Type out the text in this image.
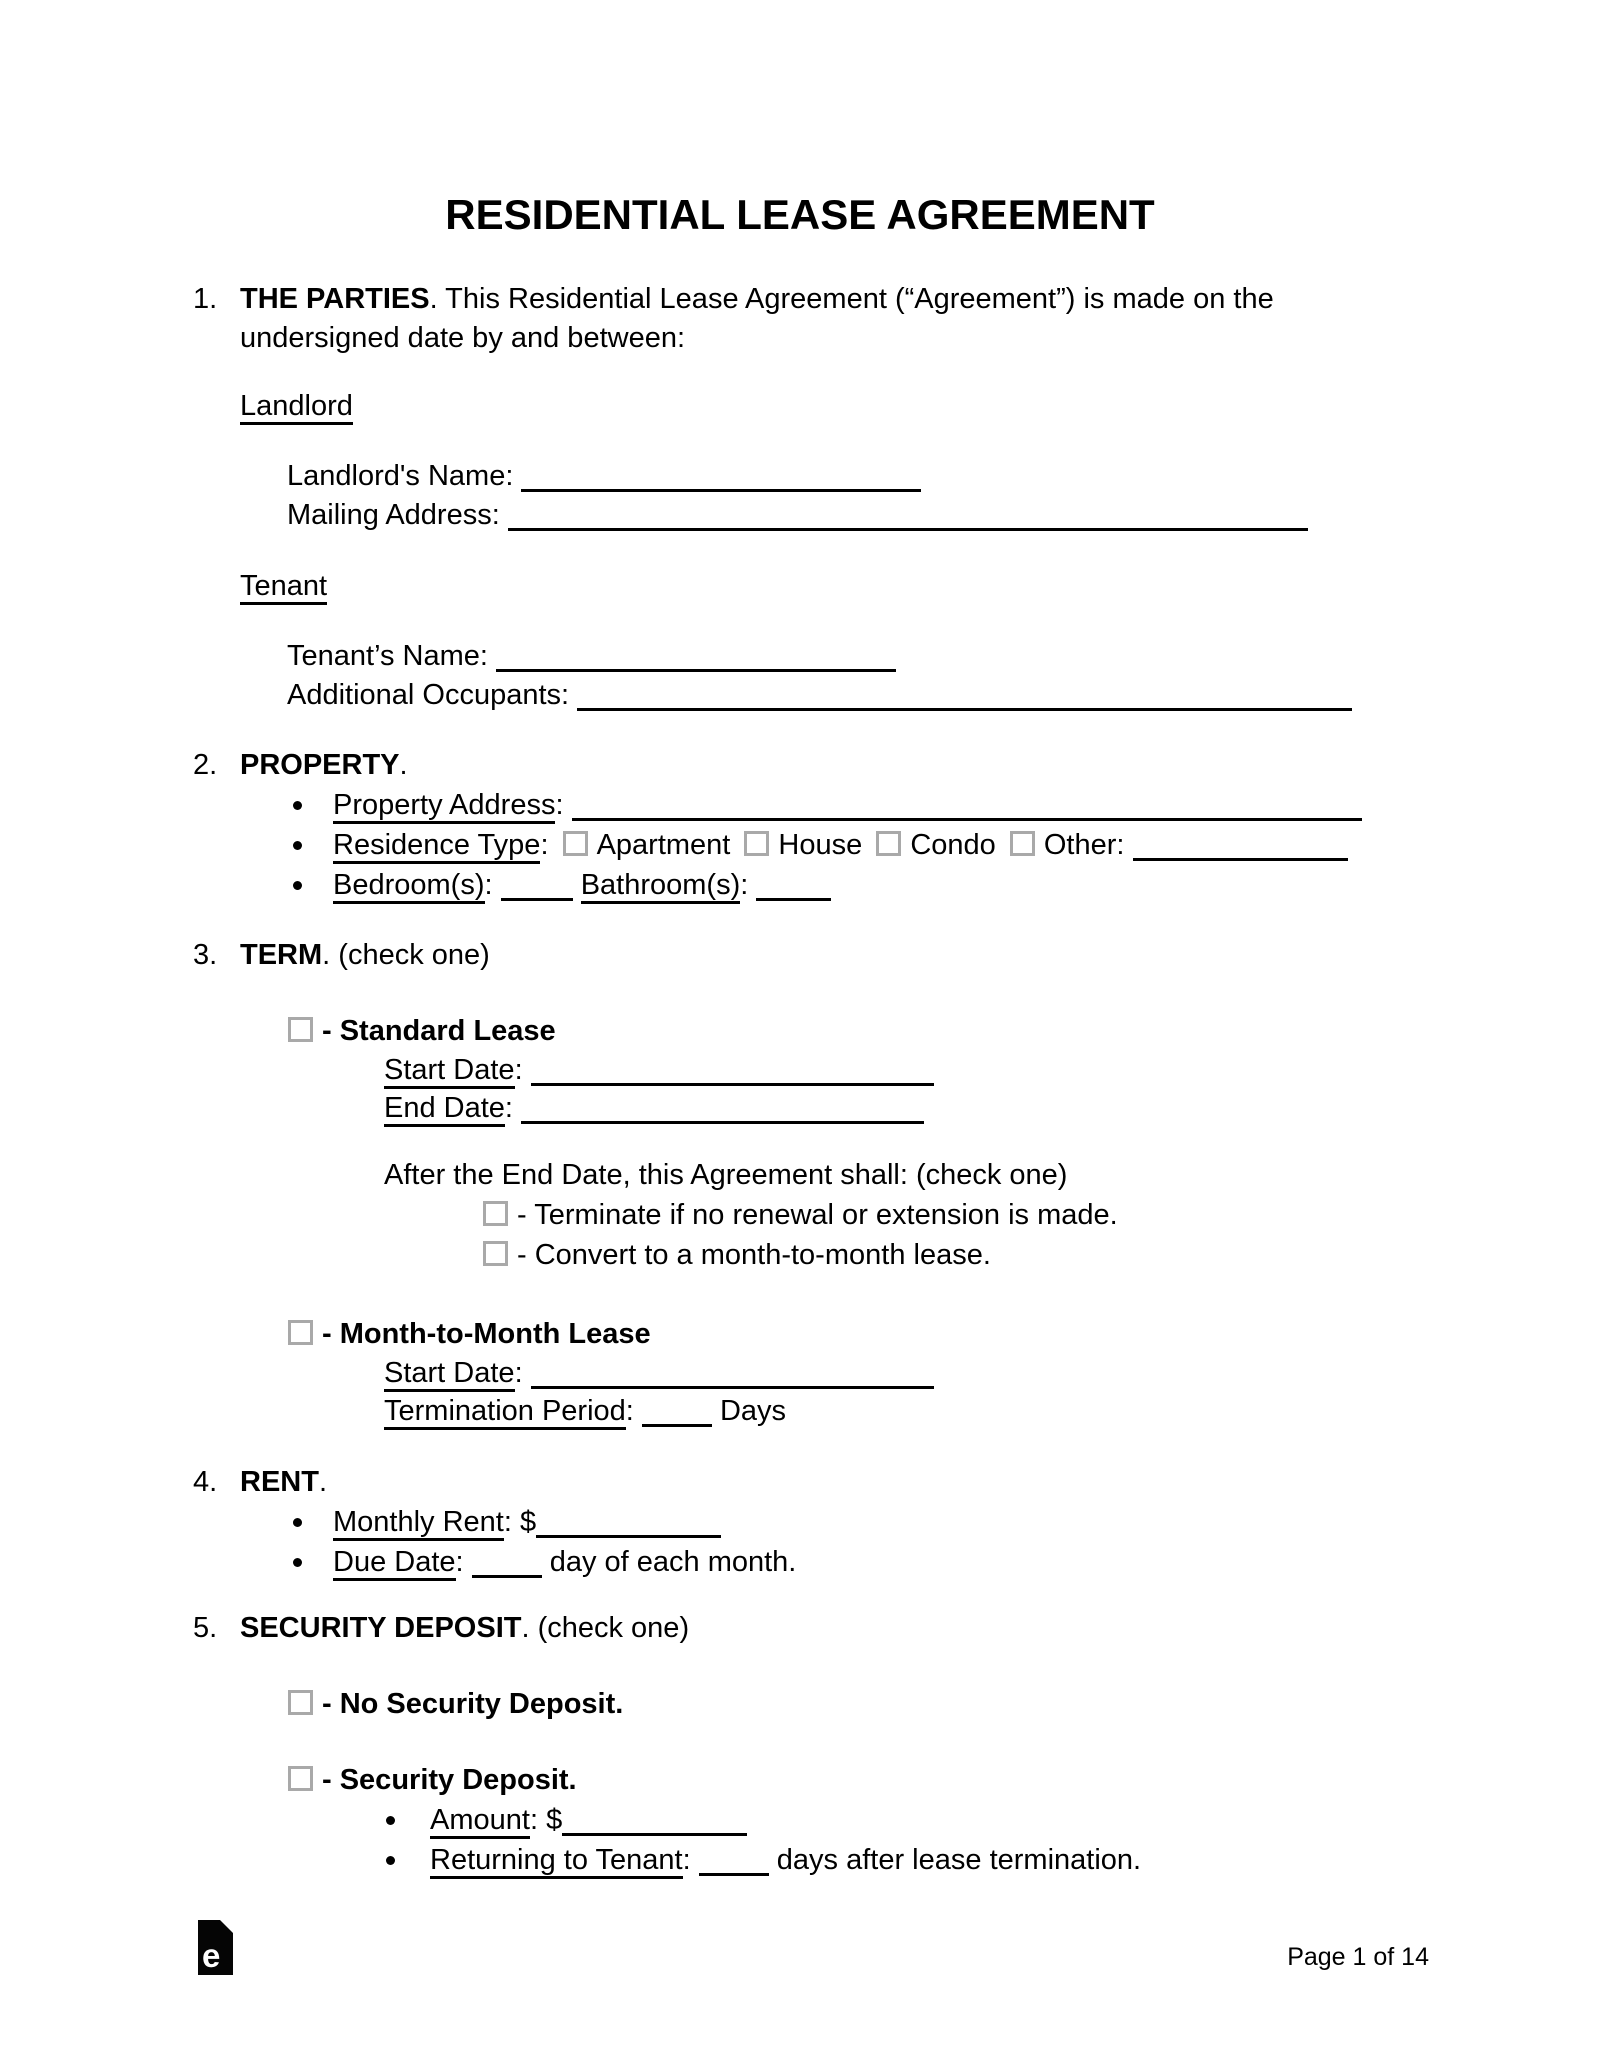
RESIDENTIAL LEASE AGREEMENT
1. THE PARTIES. This Residential Lease Agreement (“Agreement”) is made on the undersigned date by and between:
Landlord
Landlord's Name:
Mailing Address:
Tenant
Tenant’s Name:
Additional Occupants:
2. PROPERTY.
Property Address:
Residence Type: Apartment House Condo Other:
Bedroom(s):	Bathroom(s):
3. TERM. (check one)
- Standard Lease
Start Date:
End Date:
After the End Date, this Agreement shall: (check one)
- Terminate if no renewal or extension is made.
- Convert to a month-to-month lease.
- Month-to-Month Lease
Start Date:
Termination Period:	Days
4. RENT.
Monthly Rent: $
Due Date:	day of each month.
5. SECURITY DEPOSIT. (check one)
- No Security Deposit.
- Security Deposit.
Amount: $
Returning to Tenant:	days after lease termination.
e	Page 1 of 14
